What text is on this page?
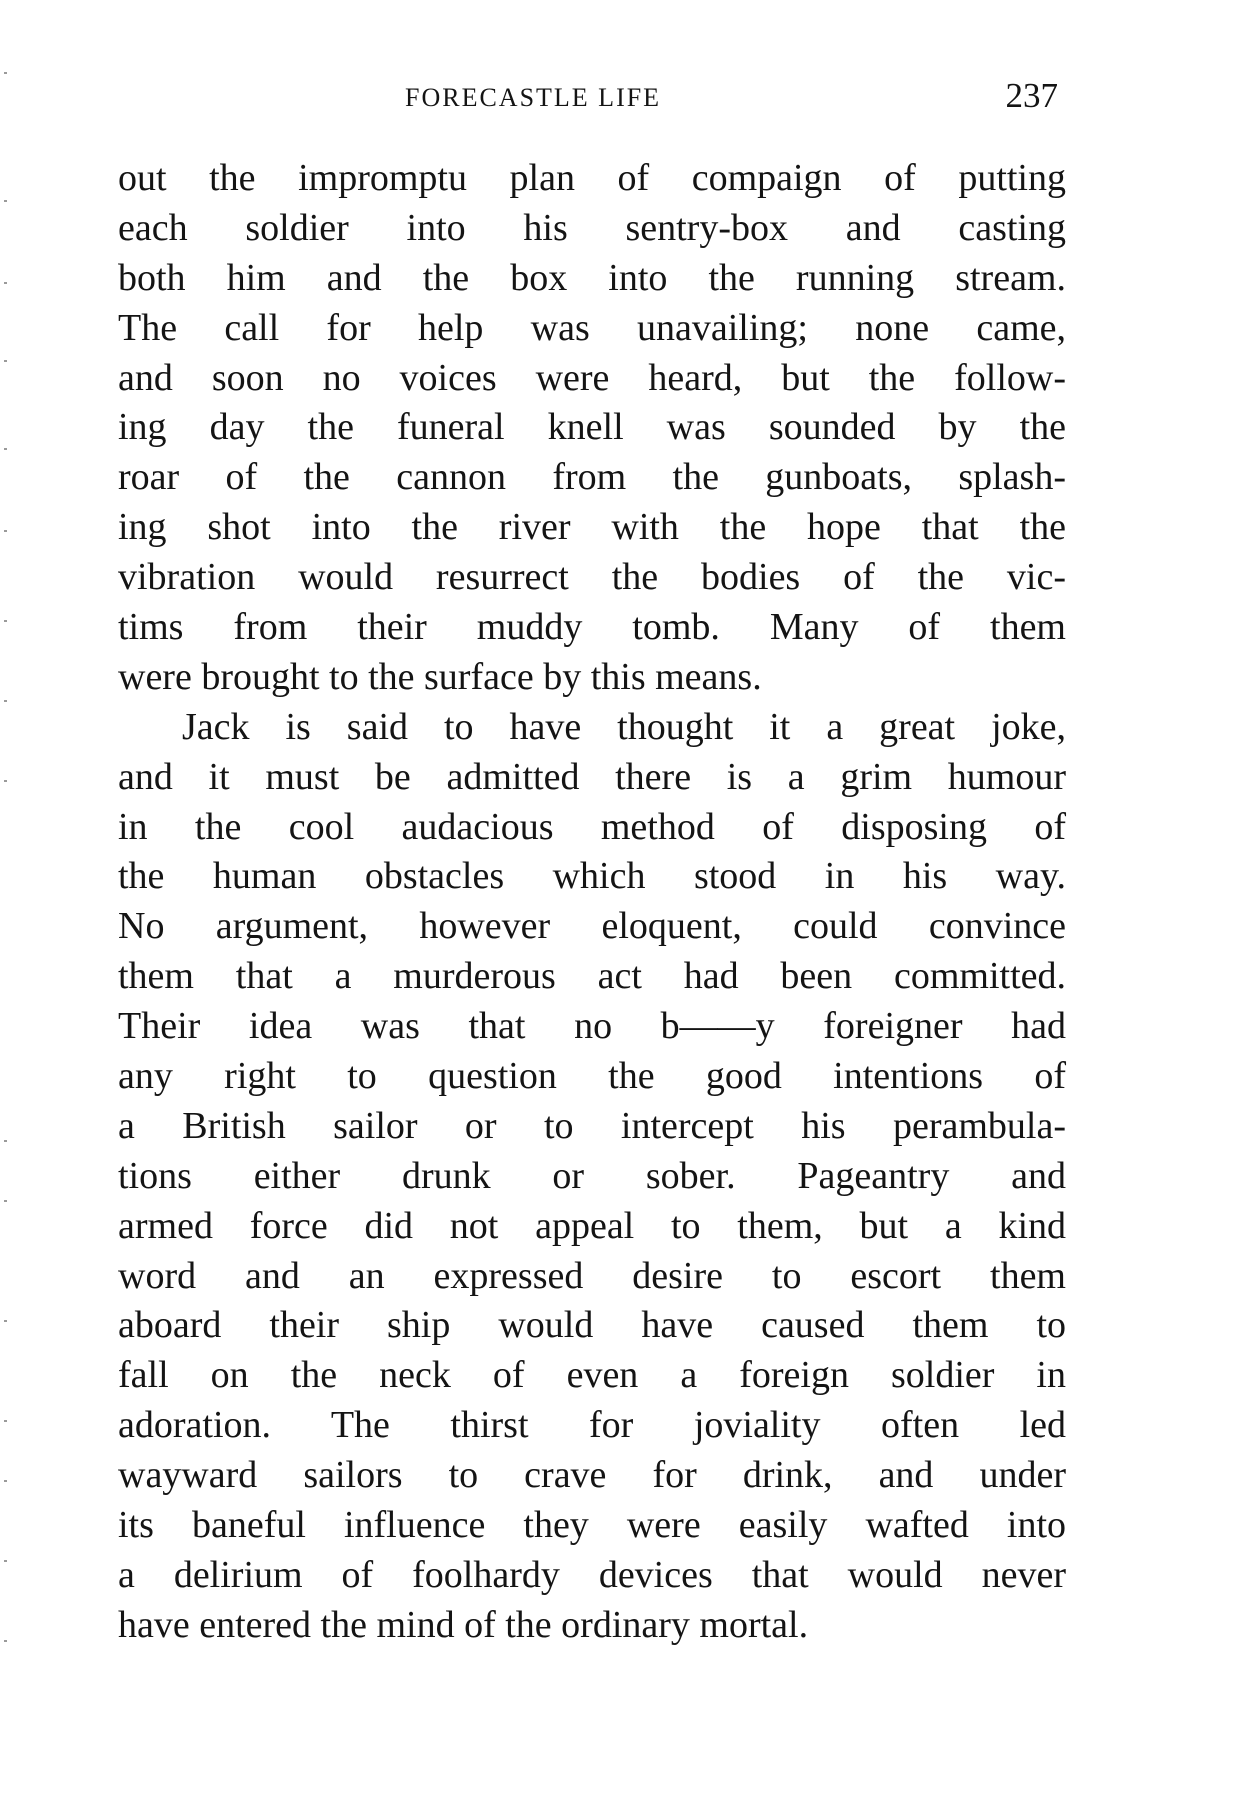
FORECASTLE LIFE	237
out the impromptu plan of compaign of putting
each soldier into his sentry-box and casting
both him and the box into the running stream.
The call for help was unavailing; none came,
and soon no voices were heard, but the follow-
ing day the funeral knell was sounded by the
roar of the cannon from the gunboats, splash-
ing shot into the river with the hope that the
vibration would resurrect the bodies of the vic-
tims from their muddy tomb. Many of them
were brought to the surface by this means.
Jack is said to have thought it a great joke,
and it must be admitted there is a grim humour
in the cool audacious method of disposing of
the human obstacles which stood in his way.
No argument, however eloquent, could convince
them that a murderous act had been committed.
Their idea was that no b——y foreigner had
any right to question the good intentions of
a British sailor or to intercept his perambula-
tions either drunk or sober. Pageantry and
armed force did not appeal to them, but a kind
word and an expressed desire to escort them
aboard their ship would have caused them to
fall on the neck of even a foreign soldier in
adoration. The thirst for joviality often led
wayward sailors to crave for drink, and under
its baneful influence they were easily wafted into
a delirium of foolhardy devices that would never
have entered the mind of the ordinary mortal.
